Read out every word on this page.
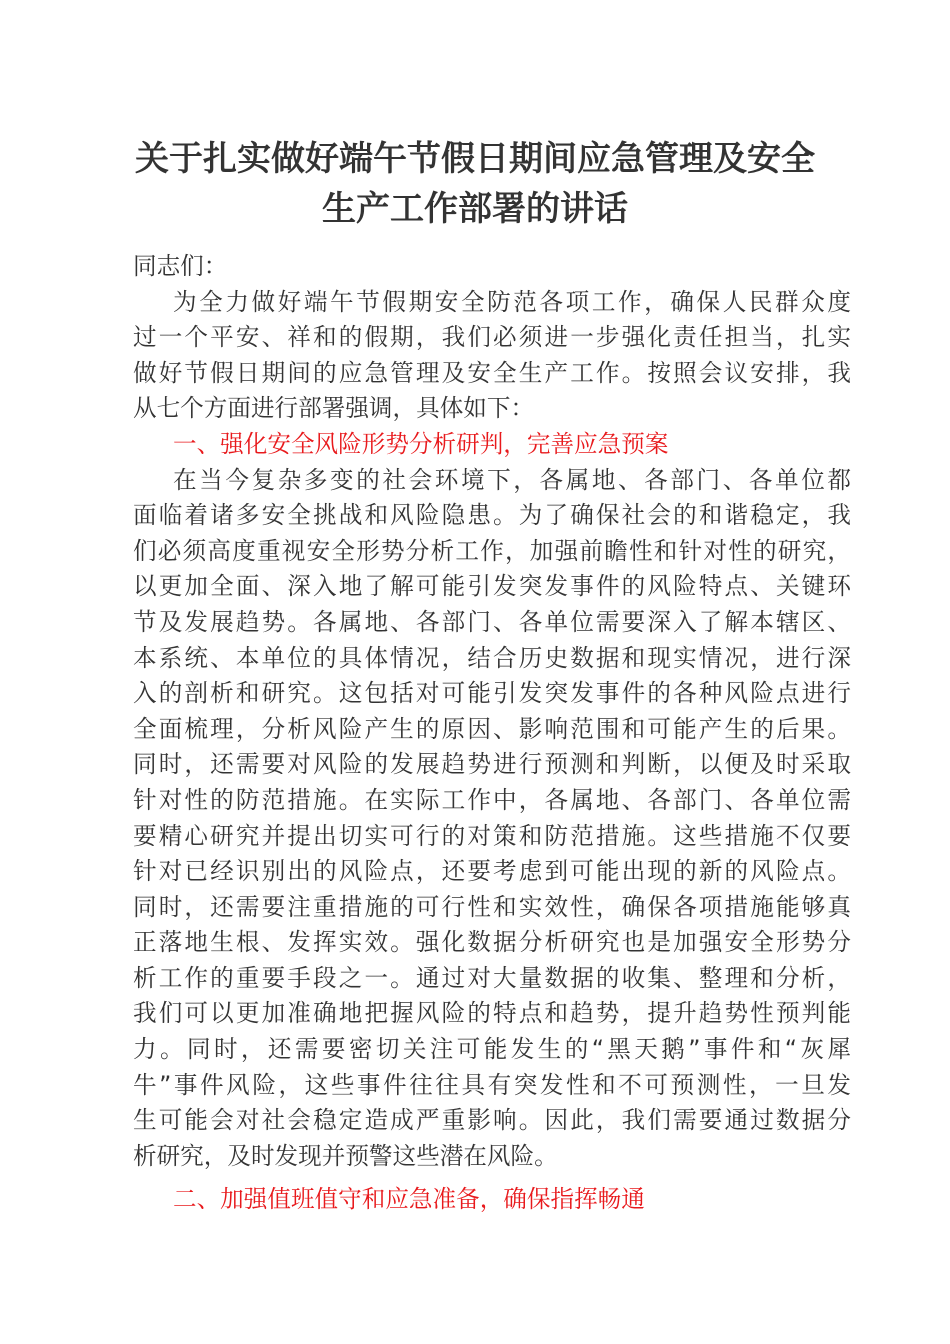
关于扎实做好端午节假日期间应急管理及安全
生产工作部署的讲话
同志们：
为全力做好端午节假期安全防范各项工作，确保人民群众度
过一个平安、祥和的假期，我们必须进一步强化责任担当，扎实
做好节假日期间的应急管理及安全生产工作。按照会议安排，我
从七个方面进行部署强调，具体如下：
一、强化安全风险形势分析研判，完善应急预案
在当今复杂多变的社会环境下，各属地、各部门、各单位都
面临着诸多安全挑战和风险隐患。为了确保社会的和谐稳定，我
们必须高度重视安全形势分析工作，加强前瞻性和针对性的研究，
以更加全面、深入地了解可能引发突发事件的风险特点、关键环
节及发展趋势。各属地、各部门、各单位需要深入了解本辖区、
本系统、本单位的具体情况，结合历史数据和现实情况，进行深
入的剖析和研究。这包括对可能引发突发事件的各种风险点进行
全面梳理，分析风险产生的原因、影响范围和可能产生的后果。
同时，还需要对风险的发展趋势进行预测和判断，以便及时采取
针对性的防范措施。在实际工作中，各属地、各部门、各单位需
要精心研究并提出切实可行的对策和防范措施。这些措施不仅要
针对已经识别出的风险点，还要考虑到可能出现的新的风险点。
同时，还需要注重措施的可行性和实效性，确保各项措施能够真
正落地生根、发挥实效。强化数据分析研究也是加强安全形势分
析工作的重要手段之一。通过对大量数据的收集、整理和分析，
我们可以更加准确地把握风险的特点和趋势，提升趋势性预判能
力。同时，还需要密切关注可能发生的“黑天鹅”事件和“灰犀
牛”事件风险，这些事件往往具有突发性和不可预测性，一旦发
生可能会对社会稳定造成严重影响。因此，我们需要通过数据分
析研究，及时发现并预警这些潜在风险。
二、加强值班值守和应急准备，确保指挥畅通
